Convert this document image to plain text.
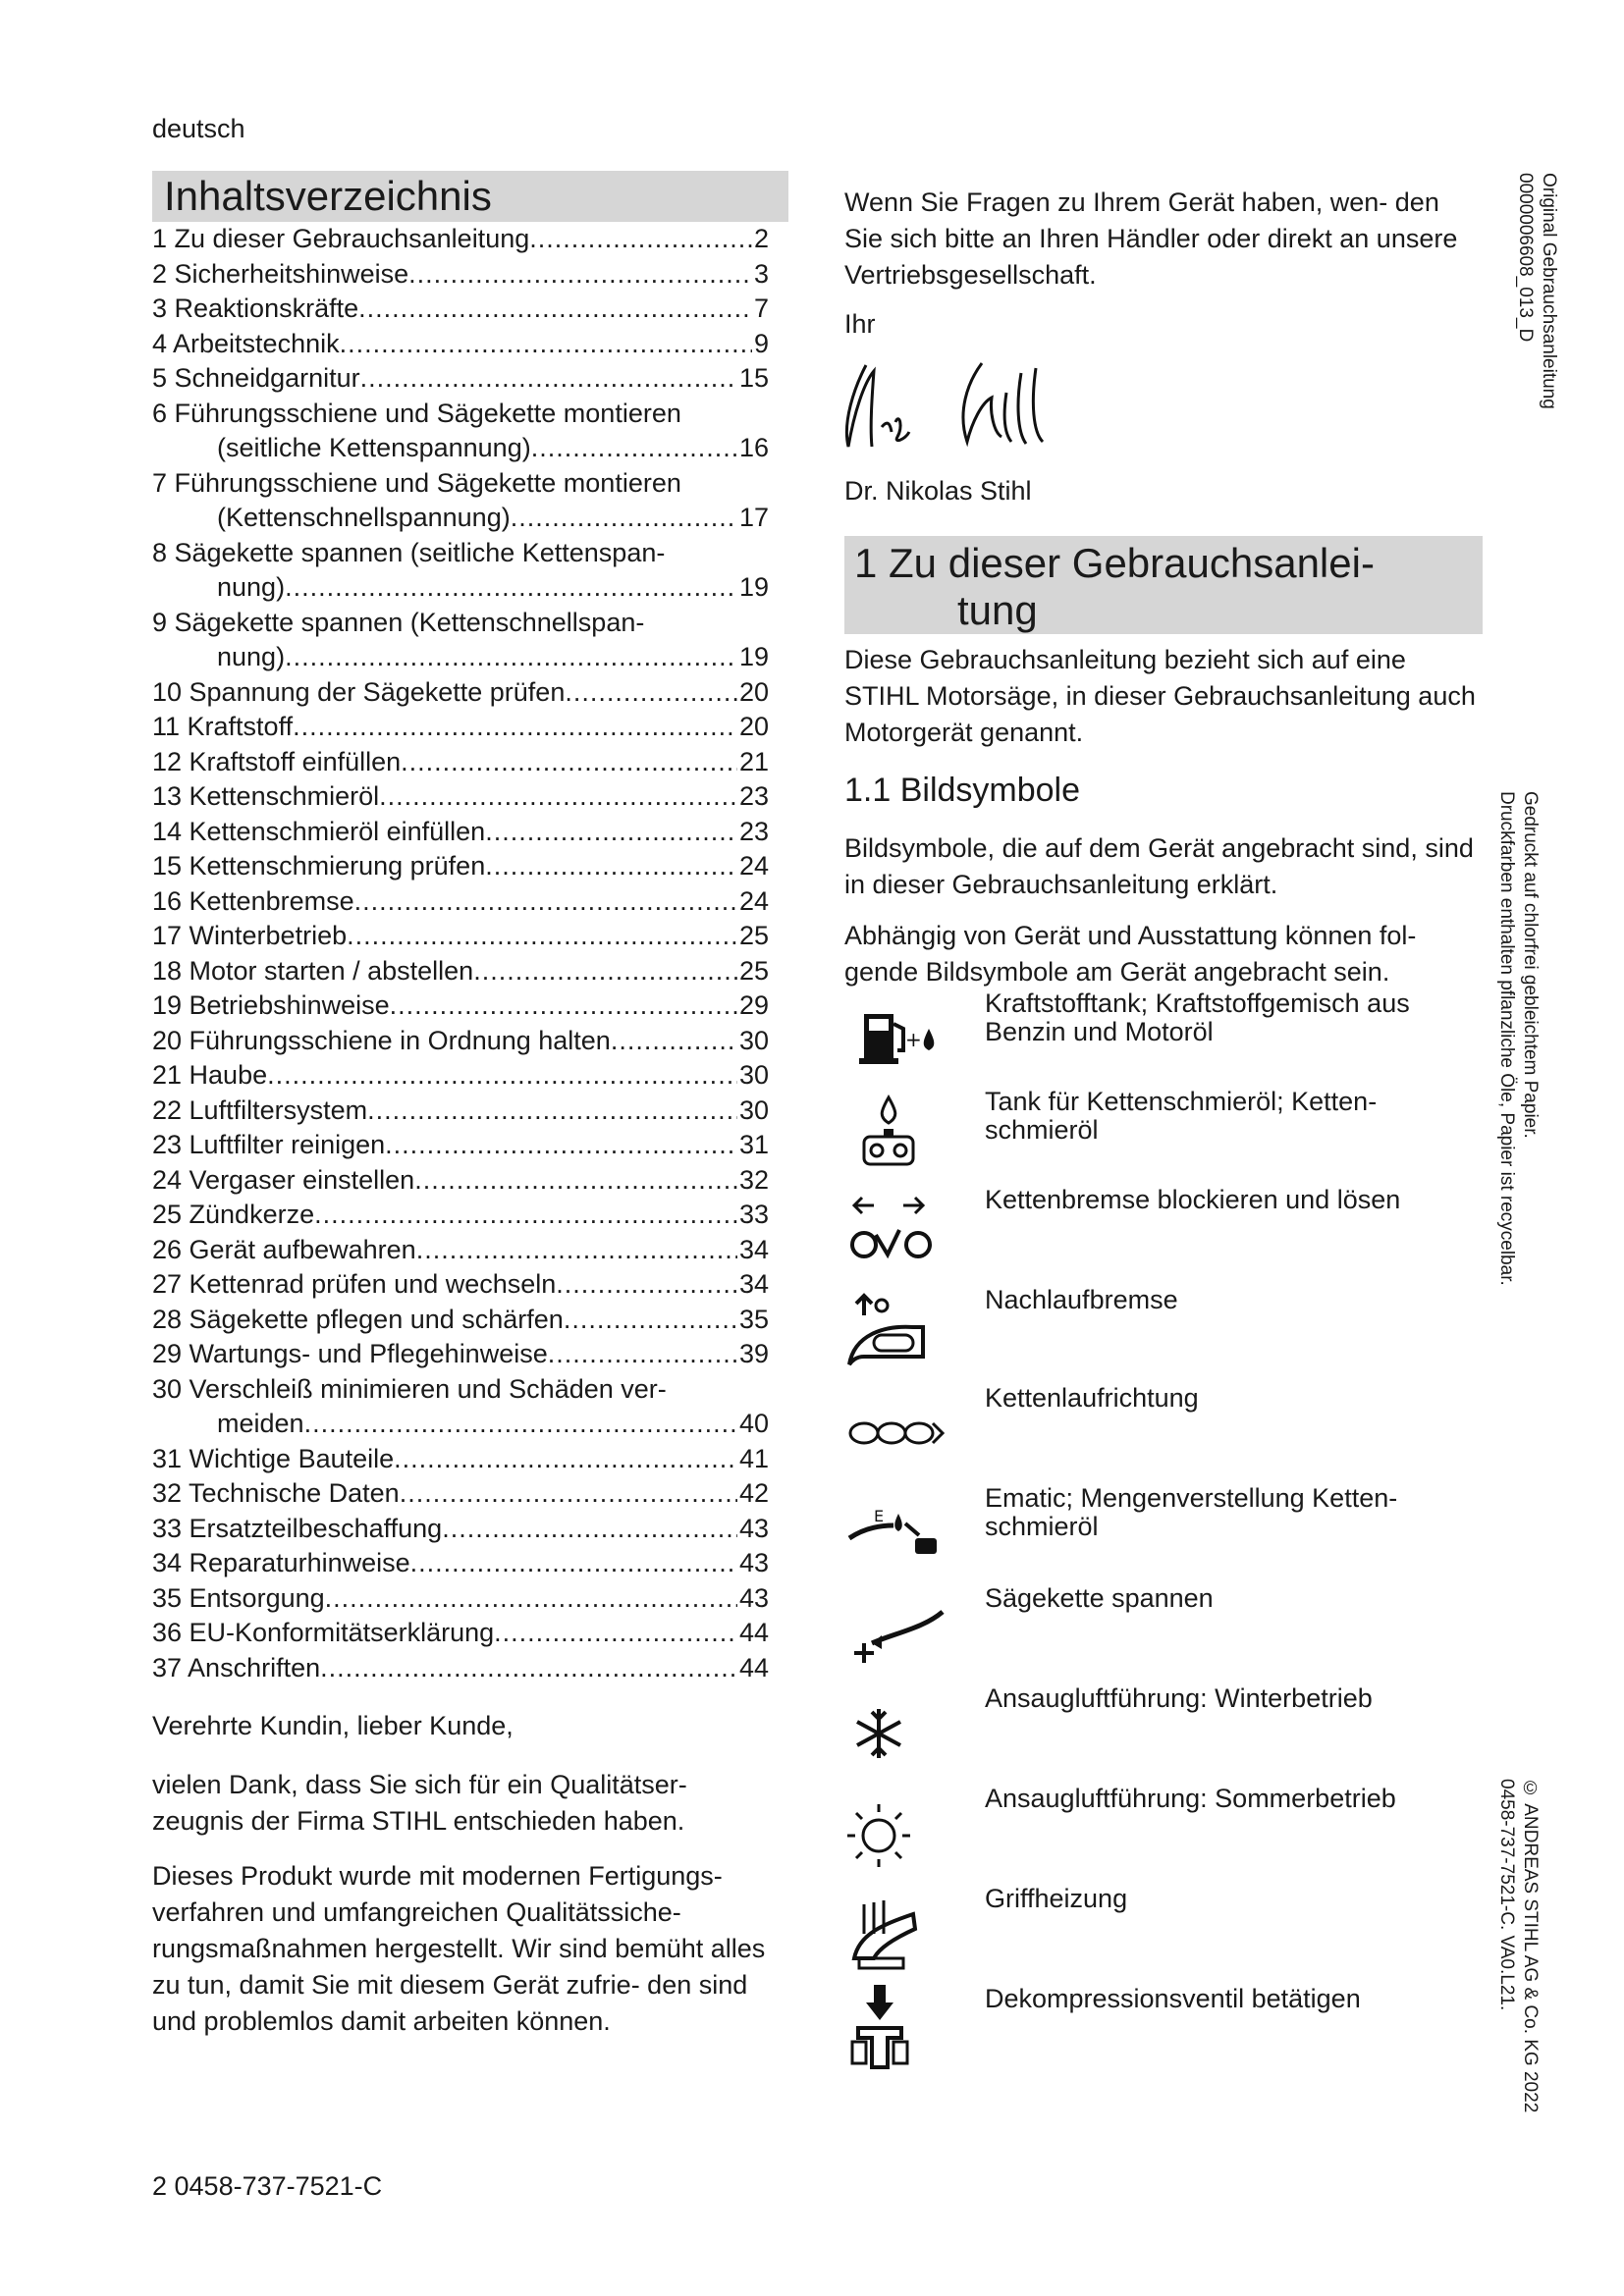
deutsch
Inhaltsverzeichnis
1 Zu dieser Gebrauchsanleitung .....	2
2 Sicherheitshinweise .....	3
3 Reaktionskräfte .....	7
4 Arbeitstechnik .....	9
5 Schneidgarnitur .....	15
6 Führungsschiene und Sägekette montieren
(seitliche Kettenspannung) .....	16
7 Führungsschiene und Sägekette montieren
(Kettenschnellspannung) .....	17
8 Sägekette spannen (seitliche Kettenspan-
nung) .....	19
9 Sägekette spannen (Kettenschnellspan-
nung) .....	19
10 Spannung der Sägekette prüfen .....	20
11 Kraftstoff .....	20
12 Kraftstoff einfüllen .....	21
13 Kettenschmieröl .....	23
14 Kettenschmieröl einfüllen .....	23
15 Kettenschmierung prüfen .....	24
16 Kettenbremse .....	24
17 Winterbetrieb .....	25
18 Motor starten / abstellen .....	25
19 Betriebshinweise .....	29
20 Führungsschiene in Ordnung halten .....	30
21 Haube .....	30
22 Luftfiltersystem .....	30
23 Luftfilter reinigen .....	31
24 Vergaser einstellen .....	32
25 Zündkerze .....	33
26 Gerät aufbewahren .....	34
27 Kettenrad prüfen und wechseln .....	34
28 Sägekette pflegen und schärfen .....	35
29 Wartungs- und Pflegehinweise .....	39
30 Verschleiß minimieren und Schäden ver-
meiden .....	40
31 Wichtige Bauteile .....	41
32 Technische Daten .....	42
33 Ersatzteilbeschaffung .....	43
34 Reparaturhinweise .....	43
35 Entsorgung .....	43
36 EU-Konformitätserklärung .....	44
37 Anschriften .....	44
Verehrte Kundin, lieber Kunde,
vielen Dank, dass Sie sich für ein Qualitätser- zeugnis der Firma STIHL entschieden haben.
Dieses Produkt wurde mit modernen Fertigungs- verfahren und umfangreichen Qualitätssiche- rungsmaßnahmen hergestellt. Wir sind bemüht alles zu tun, damit Sie mit diesem Gerät zufrie- den sind und problemlos damit arbeiten können.
Wenn Sie Fragen zu Ihrem Gerät haben, wen- den Sie sich bitte an Ihren Händler oder direkt an unsere Vertriebsgesellschaft.
Ihr
Dr. Nikolas Stihl
1 Zu dieser Gebrauchsanlei-
tung
Diese Gebrauchsanleitung bezieht sich auf eine STIHL Motorsäge, in dieser Gebrauchsanleitung auch Motorgerät genannt.
1.1 Bildsymbole
Bildsymbole, die auf dem Gerät angebracht sind, sind in dieser Gebrauchsanleitung erklärt.
Abhängig von Gerät und Ausstattung können fol- gende Bildsymbole am Gerät angebracht sein.
+
Kraftstofftank; Kraftstoffgemisch aus Benzin und Motoröl
Tank für Kettenschmieröl; Ketten- schmieröl
Kettenbremse blockieren und lösen
Nachlaufbremse
Kettenlaufrichtung
E
Ematic; Mengenverstellung Ketten- schmieröl
Sägekette spannen
Ansaugluftführung: Winterbetrieb
Ansaugluftführung: Sommerbetrieb
Griffheizung
Dekompressionsventil betätigen
2 0458-737-7521-C
Original Gebrauchsanleitung
0000006608_013_D
Gedruckt auf chlorfrei gebleichtem Papier.
Druckfarben enthalten pflanzliche Öle, Papier ist recycelbar.
© ANDREAS STIHL AG & Co. KG 2022
0458-737-7521-C. VA0.L21.
